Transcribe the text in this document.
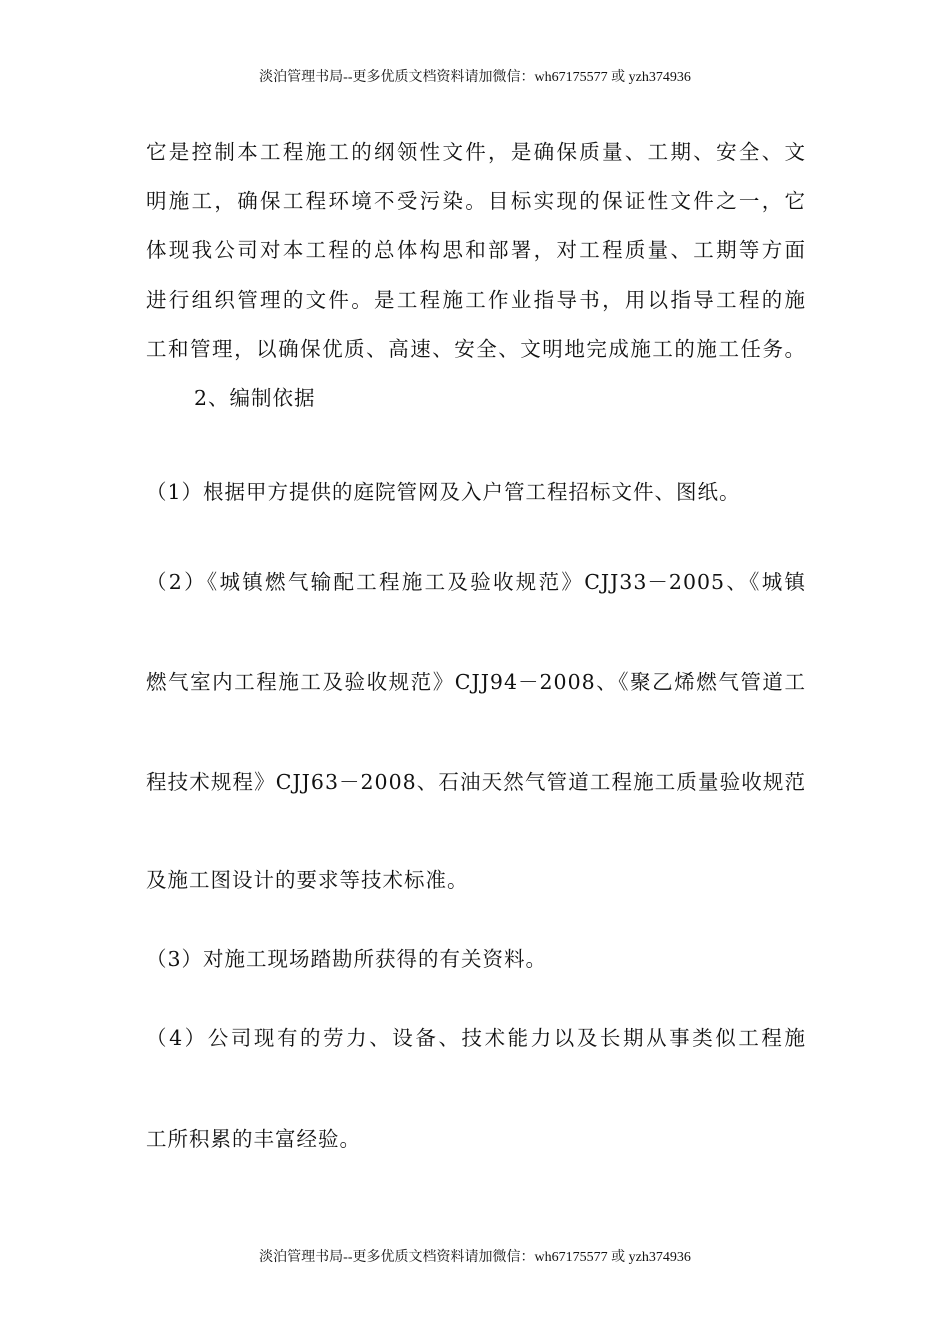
淡泊管理书局--更多优质文档资料请加微信：wh67175577 或 yzh374936
它是控制本工程施工的纲领性文件，是确保质量、工期、安全、文
明施工，确保工程环境不受污染。目标实现的保证性文件之一，它
体现我公司对本工程的总体构思和部署，对工程质量、工期等方面
进行组织管理的文件。是工程施工作业指导书，用以指导工程的施
工和管理，以确保优质、高速、安全、文明地完成施工的施工任务。
2、编制依据
（1）根据甲方提供的庭院管网及入户管工程招标文件、图纸。
（2）《城镇燃气输配工程施工及验收规范》CJJ33－2005、《城镇
燃气室内工程施工及验收规范》CJJ94－2008、《聚乙烯燃气管道工
程技术规程》CJJ63－2008、石油天然气管道工程施工质量验收规范
及施工图设计的要求等技术标准。
（3）对施工现场踏勘所获得的有关资料。
（4）公司现有的劳力、设备、技术能力以及长期从事类似工程施
工所积累的丰富经验。
淡泊管理书局--更多优质文档资料请加微信：wh67175577 或 yzh374936
